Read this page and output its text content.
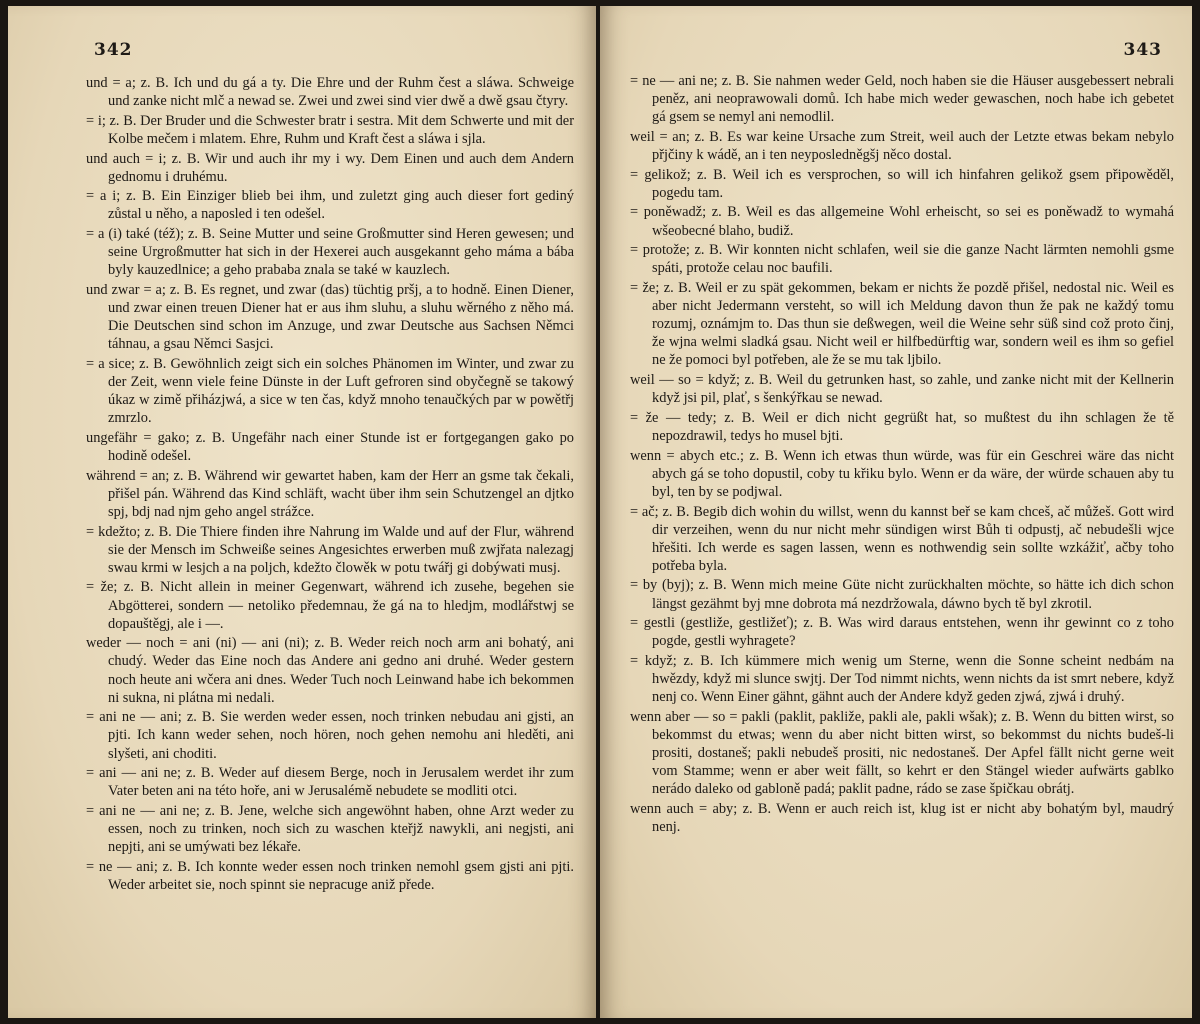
342

und = a; z. B. Ich und du gá a ty. Die Ehre und der Ruhm čest a sláwa. Schweige und zanke nicht mlč a newad se. Zwei und zwei sind vier dwě a dwě gsau čtyry.

= i; z. B. Der Bruder und die Schwester bratr i sestra. Mit dem Schwerte und mit der Kolbe mečem i mlatem. Ehre, Ruhm und Kraft čest a sláwa i sjla.

und auch = i; z. B. Wir und auch ihr my i wy. Dem Einen und auch dem Andern gednomu i druhému.

= a i; z. B. Ein Einziger blieb bei ihm, und zuletzt ging auch dieser fort gediný zůstal u něho, a naposled i ten odešel.

= a (i) také (též); z. B. Seine Mutter und seine Großmutter sind Heren gewesen; und seine Urgroßmutter hat sich in der Hexerei auch ausgekannt geho máma a bába byly kauzedlnice; a geho prababa znala se také w kauzlech.

und zwar = a; z. B. Es regnet, und zwar (das) tüchtig pršj, a to hodně. Einen Diener, und zwar einen treuen Diener hat er aus ihm sluhu, a sluhu wěrného z něho má. Die Deutschen sind schon im Anzuge, und zwar Deutsche aus Sachsen Němci táhnau, a gsau Němci Sasjci.

= a sice; z. B. Gewöhnlich zeigt sich ein solches Phänomen im Winter, und zwar zu der Zeit, wenn viele feine Dünste in der Luft gefroren sind obyčegně se takowý úkaz w zimě přiházjwá, a sice w ten čas, když mnoho tenaučkých par w powětřj zmrzlo.

ungefähr = gako; z. B. Ungefähr nach einer Stunde ist er fortgegangen gako po hodině odešel.

während = an; z. B. Während wir gewartet haben, kam der Herr an gsme tak čekali, přišel pán. Während das Kind schläft, wacht über ihm sein Schutzengel an djtko spj, bdj nad njm geho angel strážce.

= kdežto; z. B. Die Thiere finden ihre Nahrung im Walde und auf der Flur, während sie der Mensch im Schweiße seines Angesichtes erwerben muß zwjřata nalezagj swau krmi w lesjch a na poljch, kdežto člowěk w potu twářj gi dobýwati musj.

= že; z. B. Nicht allein in meiner Gegenwart, während ich zusehe, begehen sie Abgötterei, sondern — netoliko předemnau, že gá na to hledjm, modlářstwj se dopauštěgj, ale i —.

weder — noch = ani (ni) — ani (ni); z. B. Weder reich noch arm ani bohatý, ani chudý. Weder das Eine noch das Andere ani gedno ani druhé. Weder gestern noch heute ani wčera ani dnes. Weder Tuch noch Leinwand habe ich bekommen ni sukna, ni plátna mi nedali.

= ani ne — ani; z. B. Sie werden weder essen, noch trinken nebudau ani gjsti, an pjti. Ich kann weder sehen, noch hören, noch gehen nemohu ani hleděti, ani slyšeti, ani choditi.

= ani — ani ne; z. B. Weder auf diesem Berge, noch in Jerusalem werdet ihr zum Vater beten ani na této hoře, ani w Jerusalémě nebudete se modliti otci.

= ani ne — ani ne; z. B. Jene, welche sich angewöhnt haben, ohne Arzt weder zu essen, noch zu trinken, noch sich zu waschen kteřjž nawykli, ani negjsti, ani nepjti, ani se umýwati bez lékaře.

= ne — ani; z. B. Ich konnte weder essen noch trinken nemohl gsem gjsti ani pjti. Weder arbeitet sie, noch spinnt sie nepracuge aniž přede.

343

= ne — ani ne; z. B. Sie nahmen weder Geld, noch haben sie die Häuser ausgebessert nebrali peněz, ani neoprawowali domů. Ich habe mich weder gewaschen, noch habe ich gebetet gá gsem se nemyl ani nemodlil.

weil = an; z. B. Es war keine Ursache zum Streit, weil auch der Letzte etwas bekam nebylo přjčiny k wádě, an i ten neyposledněgšj něco dostal.

= gelikož; z. B. Weil ich es versprochen, so will ich hinfahren gelikož gsem připowěděl, pogedu tam.

= poněwadž; z. B. Weil es das allgemeine Wohl erheischt, so sei es poněwadž to wymahá wšeobecné blaho, budiž.

= protože; z. B. Wir konnten nicht schlafen, weil sie die ganze Nacht lärmten nemohli gsme spáti, protože celau noc baufili.

= že; z. B. Weil er zu spät gekommen, bekam er nichts že pozdě přišel, nedostal nic. Weil es aber nicht Jedermann versteht, so will ich Meldung davon thun že pak ne každý tomu rozumj, oznámjm to. Das thun sie deßwegen, weil die Weine sehr süß sind což proto činj, že wjna welmi sladká gsau. Nicht weil er hilfbedürftig war, sondern weil es ihm so gefiel ne že pomoci byl potřeben, ale že se mu tak ljbilo.

weil — so = když; z. B. Weil du getrunken hast, so zahle, und zanke nicht mit der Kellnerin když jsi pil, plať, s šenkýřkau se newad.

= že — tedy; z. B. Weil er dich nicht gegrüßt hat, so mußtest du ihn schlagen že tě nepozdrawil, tedys ho musel bjti.

wenn = abych etc.; z. B. Wenn ich etwas thun würde, was für ein Geschrei wäre das nicht abych gá se toho dopustil, coby tu křiku bylo. Wenn er da wäre, der würde schauen aby tu byl, ten by se podjwal.

= ač; z. B. Begib dich wohin du willst, wenn du kannst beř se kam chceš, ač můžeš. Gott wird dir verzeihen, wenn du nur nicht mehr sündigen wirst Bůh ti odpustj, ač nebudešli wjce hřešiti. Ich werde es sagen lassen, wenn es nothwendig sein sollte wzkážiť, ačby toho potřeba byla.

= by (byj); z. B. Wenn mich meine Güte nicht zurückhalten möchte, so hätte ich dich schon längst gezähmt byj mne dobrota má nezdržowala, dáwno bych tě byl zkrotil.

= gestli (gestliže, gestližeť); z. B. Was wird daraus entstehen, wenn ihr gewinnt co z toho pogde, gestli wyhragete?

= když; z. B. Ich kümmere mich wenig um Sterne, wenn die Sonne scheint nedbám na hwězdy, když mi slunce swjtj. Der Tod nimmt nichts, wenn nichts da ist smrt nebere, když nenj co. Wenn Einer gähnt, gähnt auch der Andere když geden zjwá, zjwá i druhý.

wenn aber — so = pakli (paklit, pakliže, pakli ale, pakli wšak); z. B. Wenn du bitten wirst, so bekommst du etwas; wenn du aber nicht bitten wirst, so bekommst du nichts budeš-li prositi, dostaneš; pakli nebudeš prositi, nic nedostaneš. Der Apfel fällt nicht gerne weit vom Stamme; wenn er aber weit fällt, so kehrt er den Stängel wieder aufwärts gablko nerádo daleko od gabloně padá; paklit padne, rádo se zase špičkau obrátj.

wenn auch = aby; z. B. Wenn er auch reich ist, klug ist er nicht aby bohatým byl, maudrý nenj.
